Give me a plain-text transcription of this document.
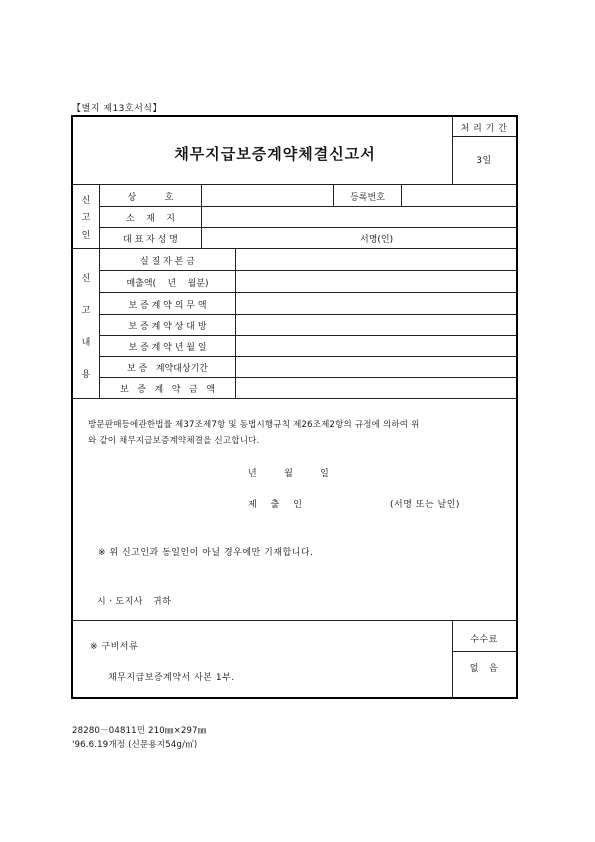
【별지 제13호서식】
채무지급보증계약체결신고서
처 리 기 간
3일
신
고
인
상          호	등록번호
소    재    지
대 표 자 성 명	서명(인)
신
고
내
용
실 질 자 본 금
매출액(    년    월분)
보 증 계 약 의 무 액
보 증 계 약 상 대 방
보 증 계 약 년 월 일
보 증   계약대상기간
보   증   계   약   금   액
방문판매등에관한법률 제37조제7항 및 동법시행규칙 제26조제2항의 규정에 의하여 위
와 같이 채무지급보증계약체결을 신고합니다.
년        월        일
제    출    인	(서명 또는 날인)
※ 위 신고인과 동일인이 아닐 경우에만 기재합니다.
시ㆍ도지사   귀하
※ 구비서류
채무지급보증계약서 사본 1부.
수수료
없   음
28280－04811민 210㎜×297㎜
'96.6.19개정 (신문용지54g/㎡)
